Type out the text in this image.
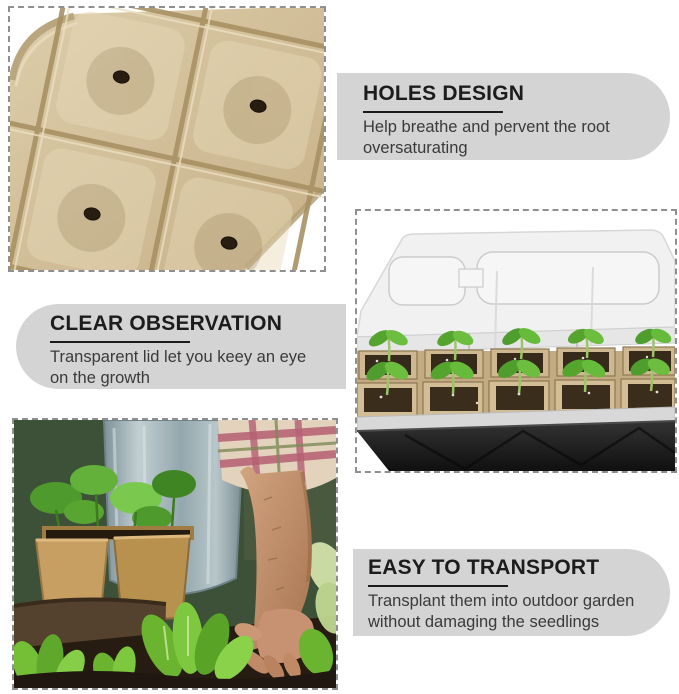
HOLES DESIGN

Help breathe and pervent the root
oversaturating

CLEAR OBSERVATION

Transparent lid let you keey an eye
on the growth

EASY TO TRANSPORT

Transplant them into outdoor garden
without damaging the seedlings
